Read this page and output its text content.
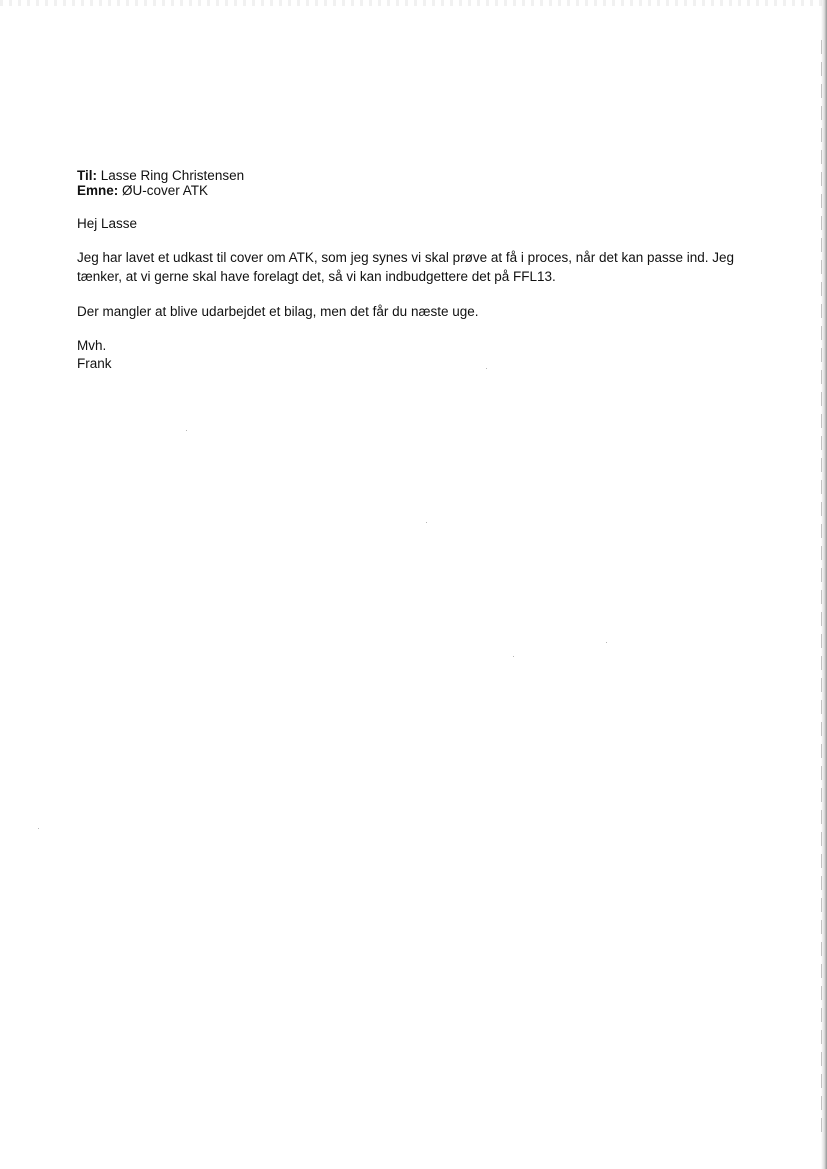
Til: Lasse Ring Christensen

Emne: ØU-cover ATK

Hej Lasse

Jeg har lavet et udkast til cover om ATK, som jeg synes vi skal prøve at få i proces, når det kan passe ind. Jeg tænker, at vi gerne skal have forelagt det, så vi kan indbudgettere det på FFL13.

Der mangler at blive udarbejdet et bilag, men det får du næste uge.

Mvh.

Frank
